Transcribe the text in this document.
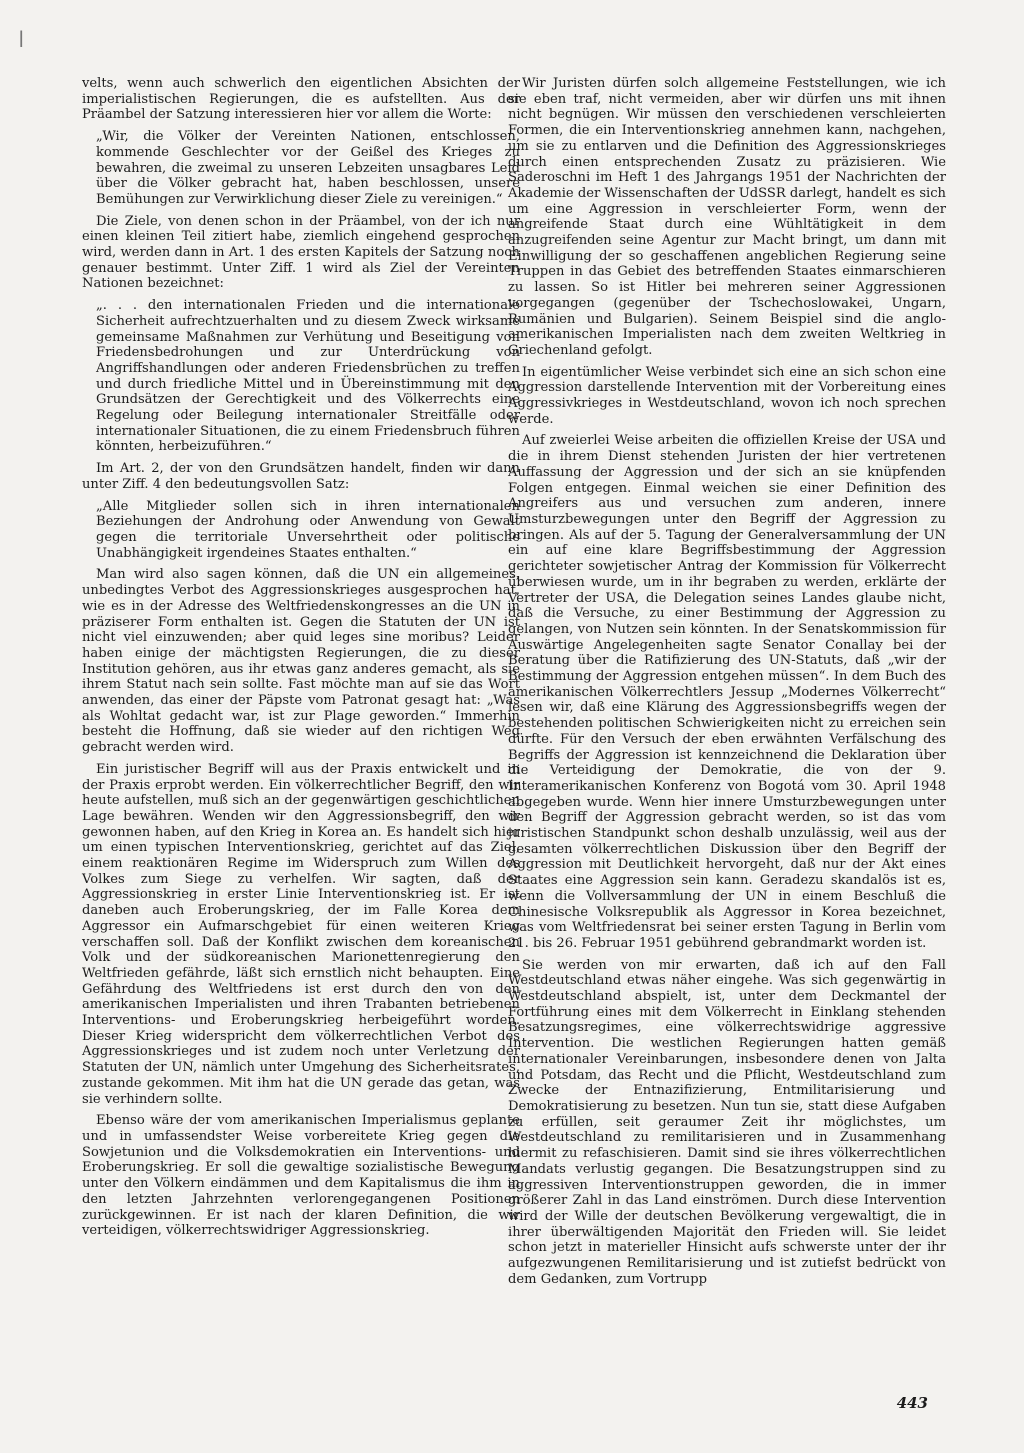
ǀ

velts, wenn auch schwerlich den eigentlichen Absichten der imperialistischen Regierungen, die es aufstellten. Aus der Präambel der Satzung interessieren hier vor allem die Worte:

„Wir, die Völker der Vereinten Nationen, entschlossen, kommende Geschlechter vor der Geißel des Krieges zu bewahren, die zweimal zu unseren Lebzeiten unsagbares Leid über die Völker gebracht hat, haben beschlossen, unsere Bemühungen zur Verwirklichung dieser Ziele zu vereinigen.“

Die Ziele, von denen schon in der Präambel, von der ich nur einen kleinen Teil zitiert habe, ziemlich eingehend gesprochen wird, werden dann in Art. 1 des ersten Kapitels der Satzung noch genauer bestimmt. Unter Ziff. 1 wird als Ziel der Vereinten Nationen bezeichnet:

„. . . den internationalen Frieden und die internationale Sicherheit aufrechtzuerhalten und zu diesem Zweck wirksame gemeinsame Maßnahmen zur Verhütung und Beseitigung von Friedensbedrohungen und zur Unterdrückung von Angriffshandlungen oder anderen Friedensbrüchen zu treffen und durch friedliche Mittel und in Übereinstimmung mit den Grundsätzen der Gerechtigkeit und des Völkerrechts eine Regelung oder Beilegung internationaler Streitfälle oder internationaler Situationen, die zu einem Friedensbruch führen könnten, herbeizuführen.“

Im Art. 2, der von den Grundsätzen handelt, finden wir dann unter Ziff. 4 den bedeutungsvollen Satz:

„Alle Mitglieder sollen sich in ihren internationalen Beziehungen der Androhung oder Anwendung von Gewalt gegen die territoriale Unversehrtheit oder politische Unabhängigkeit irgendeines Staates enthalten.“

Man wird also sagen können, daß die UN ein allgemeines, unbedingtes Verbot des Aggressionskrieges ausgesprochen hat, wie es in der Adresse des Weltfriedenskongresses an die UN in präziserer Form enthalten ist. Gegen die Statuten der UN ist nicht viel einzuwenden; aber quid leges sine moribus? Leider haben einige der mächtigsten Regierungen, die zu dieser Institution gehören, aus ihr etwas ganz anderes gemacht, als sie ihrem Statut nach sein sollte. Fast möchte man auf sie das Wort anwenden, das einer der Päpste vom Patronat gesagt hat: „Was als Wohltat gedacht war, ist zur Plage geworden.“ Immerhin besteht die Hoffnung, daß sie wieder auf den richtigen Weg gebracht werden wird.

Ein juristischer Begriff will aus der Praxis entwickelt und in der Praxis erprobt werden. Ein völkerrechtlicher Begriff, den wir heute aufstellen, muß sich an der gegenwärtigen geschichtlichen Lage bewähren. Wenden wir den Aggressionsbegriff, den wir gewonnen haben, auf den Krieg in Korea an. Es handelt sich hier um einen typischen Interventionskrieg, gerichtet auf das Ziel, einem reaktionären Regime im Widerspruch zum Willen des Volkes zum Siege zu verhelfen. Wir sagten, daß der Aggressionskrieg in erster Linie Interventionskrieg ist. Er ist daneben auch Eroberungskrieg, der im Falle Korea dem Aggressor ein Aufmarschgebiet für einen weiteren Krieg verschaffen soll. Daß der Konflikt zwischen dem koreanischen Volk und der südkoreanischen Marionettenregierung den Weltfrieden gefährde, läßt sich ernstlich nicht behaupten. Eine Gefährdung des Weltfriedens ist erst durch den von den amerikanischen Imperialisten und ihren Trabanten betriebenen Interventions- und Eroberungskrieg herbeigeführt worden. Dieser Krieg widerspricht dem völkerrechtlichen Verbot des Aggressionskrieges und ist zudem noch unter Verletzung der Statuten der UN, nämlich unter Umgehung des Sicherheitsrates, zustande gekommen. Mit ihm hat die UN gerade das getan, was sie verhindern sollte.

Ebenso wäre der vom amerikanischen Imperialismus geplante und in umfassendster Weise vorbereitete Krieg gegen die Sowjetunion und die Volksdemokratien ein Interventions- und Eroberungskrieg. Er soll die gewaltige sozialistische Bewegung unter den Völkern eindämmen und dem Kapitalismus die ihm in den letzten Jahrzehnten verlorengegangenen Positionen zurückgewinnen. Er ist nach der klaren Definition, die wir verteidigen, völkerrechtswidriger Aggressionskrieg.

Wir Juristen dürfen solch allgemeine Feststellungen, wie ich sie eben traf, nicht vermeiden, aber wir dürfen uns mit ihnen nicht begnügen. Wir müssen den verschiedenen verschleierten Formen, die ein Interventionskrieg annehmen kann, nachgehen, um sie zu entlarven und die Definition des Aggressionskrieges durch einen entsprechenden Zusatz zu präzisieren. Wie Saderoschni im Heft 1 des Jahrgangs 1951 der Nachrichten der Akademie der Wissenschaften der UdSSR darlegt, handelt es sich um eine Aggression in verschleierter Form, wenn der angreifende Staat durch eine Wühltätigkeit in dem anzugreifenden seine Agentur zur Macht bringt, um dann mit Einwilligung der so geschaffenen angeblichen Regierung seine Truppen in das Gebiet des betreffenden Staates einmarschieren zu lassen. So ist Hitler bei mehreren seiner Aggressionen vorgegangen (gegenüber der Tschechoslowakei, Ungarn, Rumänien und Bulgarien). Seinem Beispiel sind die anglo-amerikanischen Imperialisten nach dem zweiten Weltkrieg in Griechenland gefolgt.

In eigentümlicher Weise verbindet sich eine an sich schon eine Aggression darstellende Intervention mit der Vorbereitung eines Aggressivkrieges in Westdeutschland, wovon ich noch sprechen werde.

Auf zweierlei Weise arbeiten die offiziellen Kreise der USA und die in ihrem Dienst stehenden Juristen der hier vertretenen Auffassung der Aggression und der sich an sie knüpfenden Folgen entgegen. Einmal weichen sie einer Definition des Angreifers aus und versuchen zum anderen, innere Umsturzbewegungen unter den Begriff der Aggression zu bringen. Als auf der 5. Tagung der Generalversammlung der UN ein auf eine klare Begriffsbestimmung der Aggression gerichteter sowjetischer Antrag der Kommission für Völkerrecht überwiesen wurde, um in ihr begraben zu werden, erklärte der Vertreter der USA, die Delegation seines Landes glaube nicht, daß die Versuche, zu einer Bestimmung der Aggression zu gelangen, von Nutzen sein könnten. In der Senatskommission für Auswärtige Angelegenheiten sagte Senator Conallay bei der Beratung über die Ratifizierung des UN-Statuts, daß „wir der Bestimmung der Aggression entgehen müssen“. In dem Buch des amerikanischen Völkerrechtlers Jessup „Modernes Völkerrecht“ lesen wir, daß eine Klärung des Aggressionsbegriffs wegen der bestehenden politischen Schwierigkeiten nicht zu erreichen sein dürfte. Für den Versuch der eben erwähnten Verfälschung des Begriffs der Aggression ist kennzeichnend die Deklaration über die Verteidigung der Demokratie, die von der 9. Interamerikanischen Konferenz von Bogotá vom 30. April 1948 abgegeben wurde. Wenn hier innere Umsturzbewegungen unter den Begriff der Aggression gebracht werden, so ist das vom juristischen Standpunkt schon deshalb unzulässig, weil aus der gesamten völkerrechtlichen Diskussion über den Begriff der Aggression mit Deutlichkeit hervorgeht, daß nur der Akt eines Staates eine Aggression sein kann. Geradezu skandalös ist es, wenn die Vollversammlung der UN in einem Beschluß die Chinesische Volksrepublik als Aggressor in Korea bezeichnet, was vom Weltfriedensrat bei seiner ersten Tagung in Berlin vom 21. bis 26. Februar 1951 gebührend gebrandmarkt worden ist.

Sie werden von mir erwarten, daß ich auf den Fall Westdeutschland etwas näher eingehe. Was sich gegenwärtig in Westdeutschland abspielt, ist, unter dem Deckmantel der Fortführung eines mit dem Völkerrecht in Einklang stehenden Besatzungsregimes, eine völkerrechtswidrige aggressive Intervention. Die westlichen Regierungen hatten gemäß internationaler Vereinbarungen, insbesondere denen von Jalta und Potsdam, das Recht und die Pflicht, Westdeutschland zum Zwecke der Entnazifizierung, Entmilitarisierung und Demokratisierung zu besetzen. Nun tun sie, statt diese Aufgaben zu erfüllen, seit geraumer Zeit ihr möglichstes, um Westdeutschland zu remilitarisieren und in Zusammenhang hiermit zu refaschisieren. Damit sind sie ihres völkerrechtlichen Mandats verlustig gegangen. Die Besatzungstruppen sind zu aggressiven Interventionstruppen geworden, die in immer größerer Zahl in das Land einströmen. Durch diese Intervention wird der Wille der deutschen Bevölkerung vergewaltigt, die in ihrer überwältigenden Majorität den Frieden will. Sie leidet schon jetzt in materieller Hinsicht aufs schwerste unter der ihr aufgezwungenen Remilitarisierung und ist zutiefst bedrückt von dem Gedanken, zum Vortrupp

443
